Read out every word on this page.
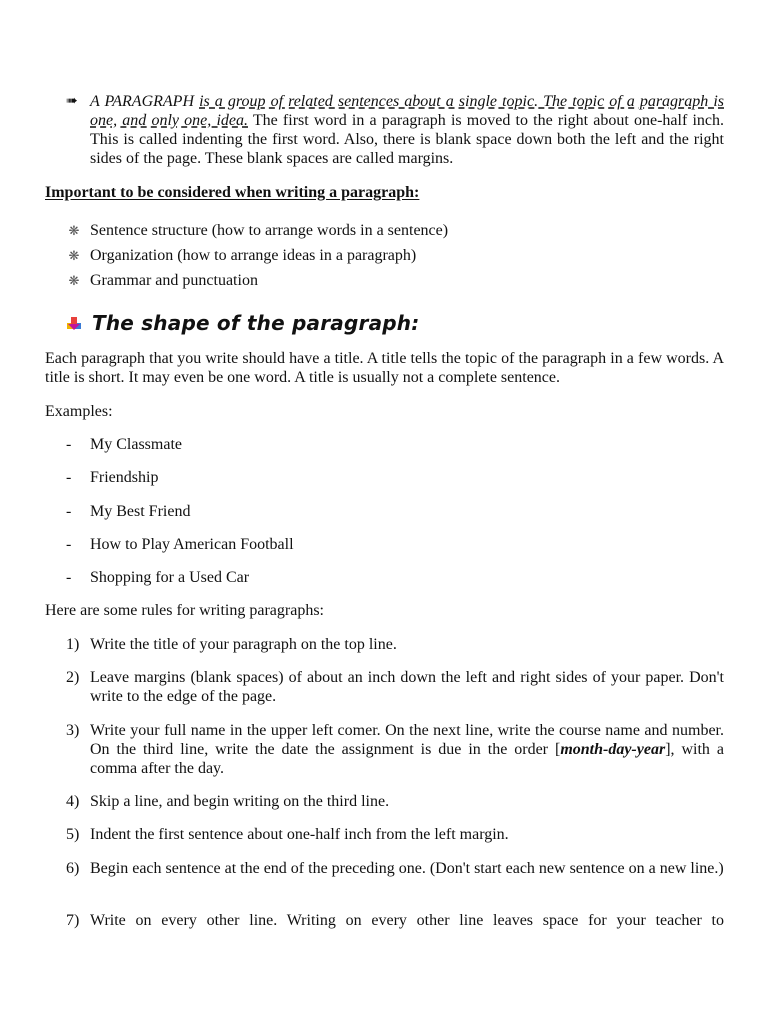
➠ A PARAGRAPH is a group of related sentences about a single topic. The topic of a paragraph is one, and only one, idea. The first word in a paragraph is moved to the right about one-half inch. This is called indenting the first word. Also, there is blank space down both the left and the right sides of the page. These blank spaces are called margins.

Important to be considered when writing a paragraph:
❋ Sentence structure (how to arrange words in a sentence)
❋ Organization (how to arrange ideas in a paragraph)
❋ Grammar and punctuation
The shape of the paragraph:

Each paragraph that you write should have a title. A title tells the topic of the paragraph in a few words. A title is short. It may even be one word. A title is usually not a complete sentence.

Examples:
- My Classmate
- Friendship
- My Best Friend
- How to Play American Football
- Shopping for a Used Car
Here are some rules for writing paragraphs:
1) Write the title of your paragraph on the top line.

2) Leave margins (blank spaces) of about an inch down the left and right sides of your paper. Don't write to the edge of the page.

3) Write your full name in the upper left comer. On the next line, write the course name and number. On the third line, write the date the assignment is due in the order [month-day-year], with a comma after the day.

4) Skip a line, and begin writing on the third line.

5) Indent the first sentence about one-half inch from the left margin.

6) Begin each sentence at the end of the preceding one. (Don't start each new sentence on a new line.)

7) Write on every other line. Writing on every other line leaves space for your teacher to
